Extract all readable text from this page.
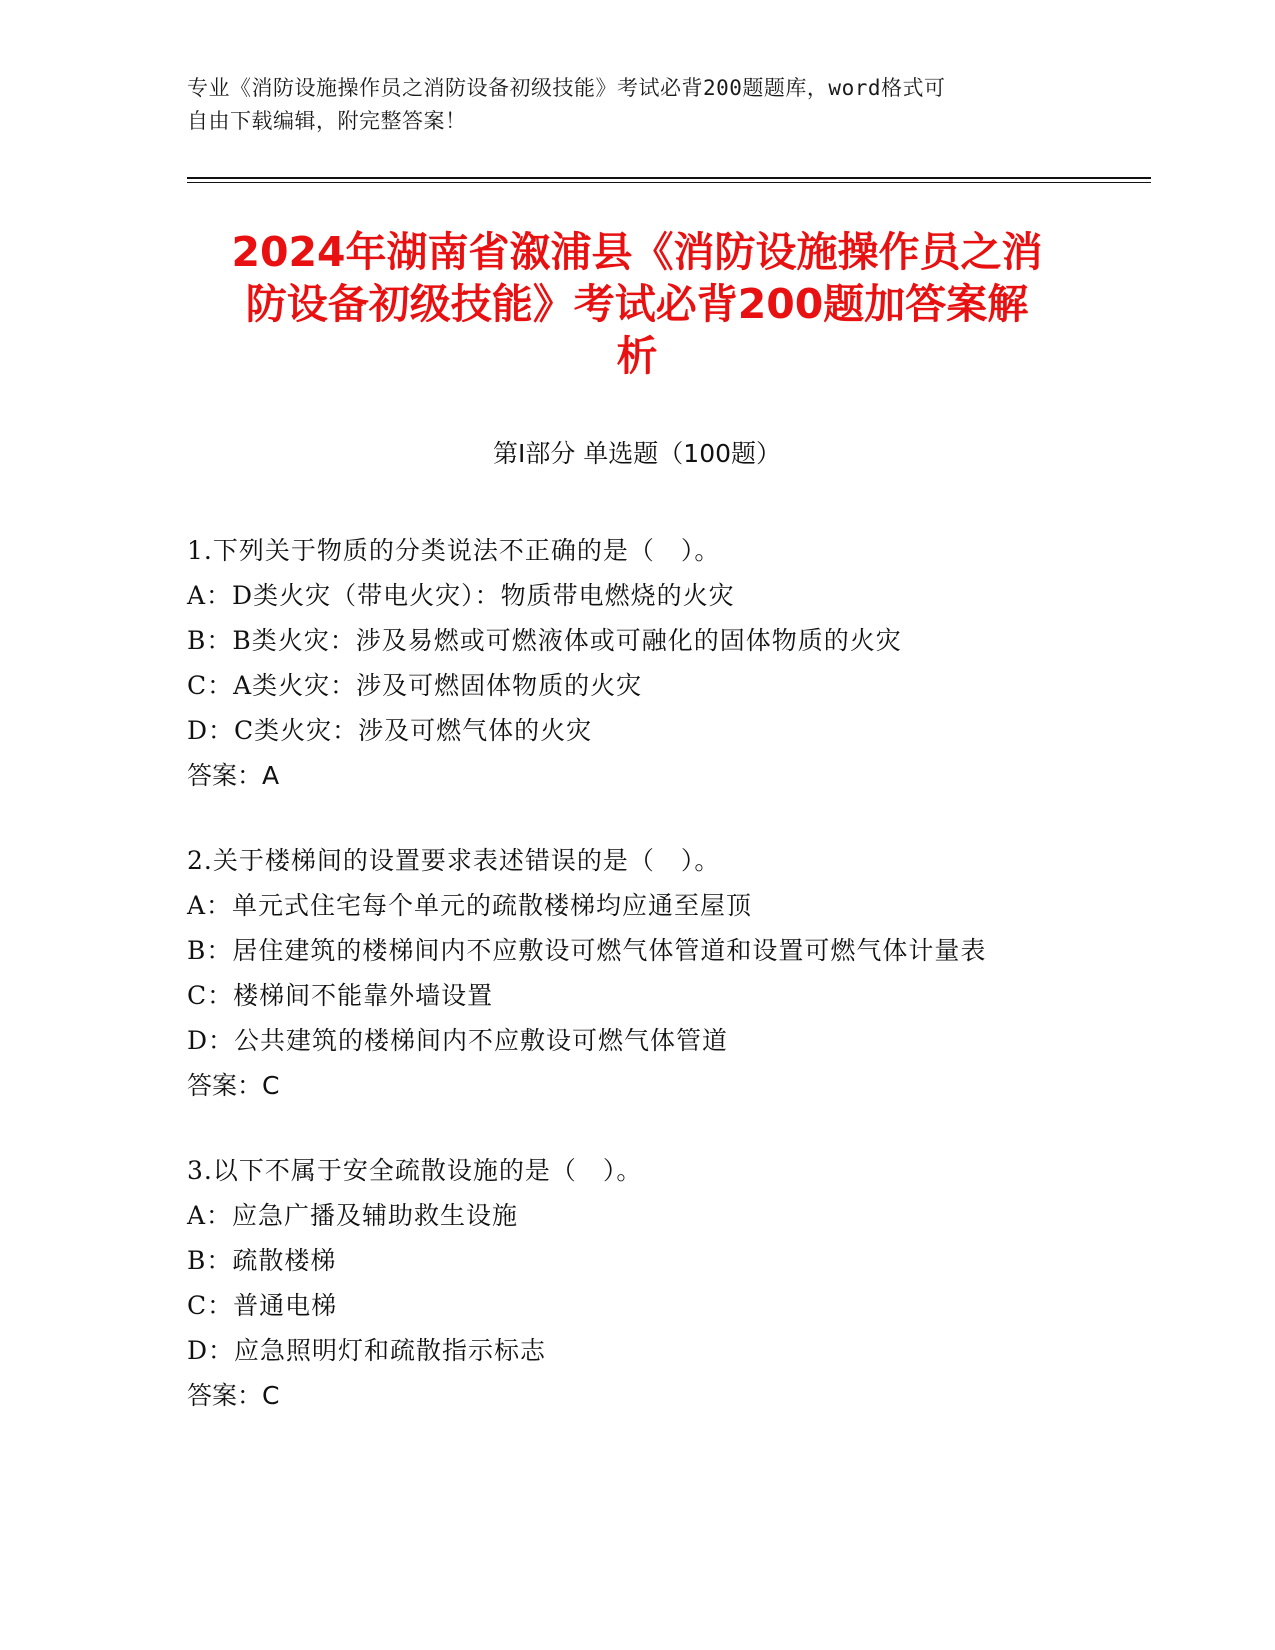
专业《消防设施操作员之消防设备初级技能》考试必背200题题库，word格式可
自由下载编辑，附完整答案！
2024年湖南省溆浦县《消防设施操作员之消
防设备初级技能》考试必背200题加答案解
析
第Ⅰ部分 单选题（100题）
1.下列关于物质的分类说法不正确的是（　）。
A：D类火灾（带电火灾）：物质带电燃烧的火灾
B：B类火灾：涉及易燃或可燃液体或可融化的固体物质的火灾
C：A类火灾：涉及可燃固体物质的火灾
D：C类火灾：涉及可燃气体的火灾
答案：A
2.关于楼梯间的设置要求表述错误的是（　）。
A：单元式住宅每个单元的疏散楼梯均应通至屋顶
B：居住建筑的楼梯间内不应敷设可燃气体管道和设置可燃气体计量表
C：楼梯间不能靠外墙设置
D：公共建筑的楼梯间内不应敷设可燃气体管道
答案：C
3.以下不属于安全疏散设施的是（　）。
A：应急广播及辅助救生设施
B：疏散楼梯
C：普通电梯
D：应急照明灯和疏散指示标志
答案：C
